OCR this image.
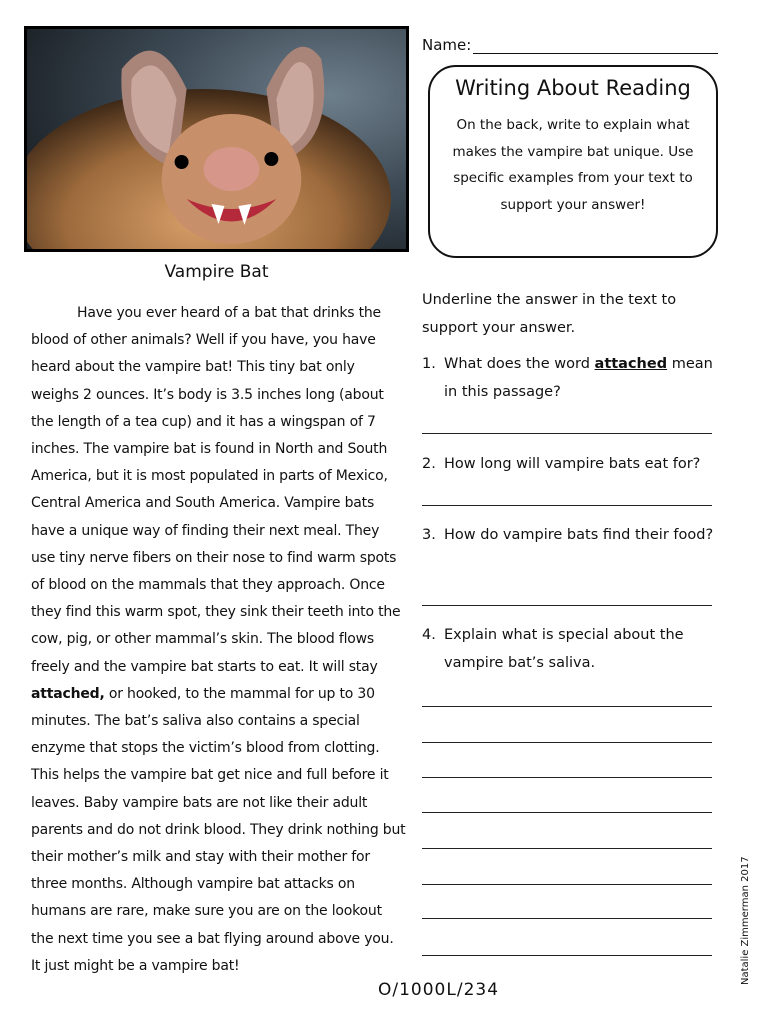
Vampire Bat

Have you ever heard of a bat that drinks the blood of other animals? Well if you have, you have heard about the vampire bat! This tiny bat only weighs 2 ounces. It’s body is 3.5 inches long (about the length of a tea cup) and it has a wingspan of 7 inches. The vampire bat is found in North and South America, but it is most populated in parts of Mexico, Central America and South America. Vampire bats have a unique way of finding their next meal. They use tiny nerve fibers on their nose to find warm spots of blood on the mammals that they approach. Once they find this warm spot, they sink their teeth into the cow, pig, or other mammal’s skin. The blood flows freely and the vampire bat starts to eat. It will stay attached, or hooked, to the mammal for up to 30 minutes. The bat’s saliva also contains a special enzyme that stops the victim’s blood from clotting. This helps the vampire bat get nice and full before it leaves. Baby vampire bats are not like their adult parents and do not drink blood. They drink nothing but their mother’s milk and stay with their mother for three months. Although vampire bat attacks on humans are rare, make sure you are on the lookout the next time you see a bat flying around above you. It just might be a vampire bat!

Name:
Writing About Reading
On the back, write to explain what makes the vampire bat unique. Use specific examples from your text to support your answer!
Underline the answer in the text to support your answer.
1. What does the word attached mean in this passage?
2. How long will vampire bats eat for?
3. How do vampire bats find their food?
4. Explain what is special about the vampire bat’s saliva.
O/1000L/234
Natalie Zimmerman 2017
